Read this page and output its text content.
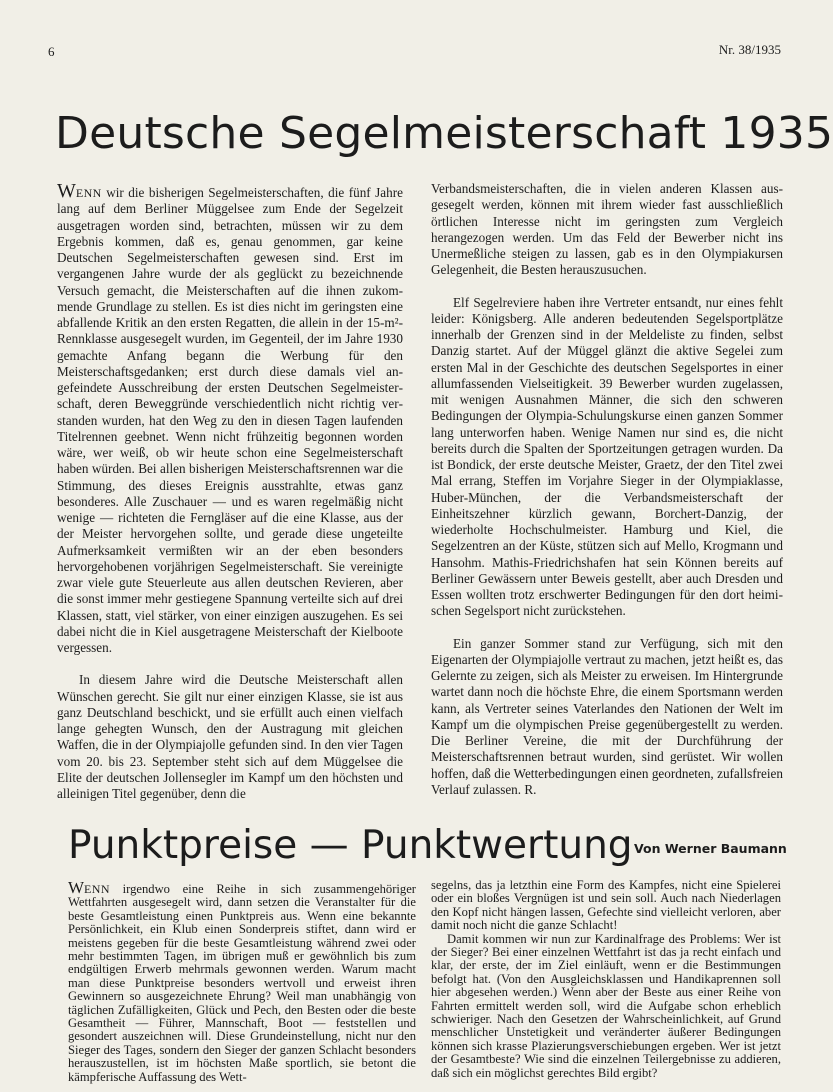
6	Nr. 38/1935
Deutsche Segelmeisterschaft 1935

WENN wir die bisherigen Segelmeisterschaften, die fünf Jahre lang auf dem Berliner Müggelsee zum Ende der Segelzeit ausgetragen worden sind, betrachten, müssen wir zu dem Ergebnis kommen, daß es, genau genommen, gar keine Deutschen Segelmeisterschaften gewesen sind. Erst im vergangenen Jahre wurde der als geglückt zu bezeichnende Versuch gemacht, die Meisterschaften auf die ihnen zukommende Grundlage zu stellen. Es ist dies nicht im geringsten eine abfallende Kritik an den ersten Regatten, die allein in der 15-m²-Rennklasse ausgesegelt wurden, im Gegenteil, der im Jahre 1930 gemachte Anfang begann die Werbung für den Meisterschaftsgedanken; erst durch diese damals viel angefeindete Ausschreibung der ersten Deutschen Segelmeisterschaft, deren Beweggründe verschiedentlich nicht richtig verstanden wurden, hat den Weg zu den in diesen Tagen laufenden Titelrennen geebnet. Wenn nicht frühzeitig begonnen worden wäre, wer weiß, ob wir heute schon eine Segelmeisterschaft haben würden. Bei allen bisherigen Meisterschaftsrennen war die Stimmung, des dieses Ereignis ausstrahlte, etwas ganz besonderes. Alle Zuschauer — und es waren regelmäßig nicht wenige — richteten die Ferngläser auf die eine Klasse, aus der der Meister hervorgehen sollte, und gerade diese ungeteilte Aufmerksamkeit vermißten wir an der eben besonders hervorgehobenen vorjährigen Segelmeisterschaft. Sie vereinigte zwar viele gute Steuerleute aus allen deutschen Revieren, aber die sonst immer mehr gestiegene Spannung verteilte sich auf drei Klassen, statt, viel stärker, von einer einzigen auszugehen. Es sei dabei nicht die in Kiel ausgetragene Meisterschaft der Kielboote vergessen.

In diesem Jahre wird die Deutsche Meisterschaft allen Wünschen gerecht. Sie gilt nur einer einzigen Klasse, sie ist aus ganz Deutschland beschickt, und sie erfüllt auch einen vielfach lange gehegten Wunsch, den der Austragung mit gleichen Waffen, die in der Olympiajolle gefunden sind. In den vier Tagen vom 20. bis 23. September steht sich auf dem Müggelsee die Elite der deutschen Jollensegler im Kampf um den höchsten und alleinigen Titel gegenüber, denn die

Verbandsmeisterschaften, die in vielen anderen Klassen ausgesegelt werden, können mit ihrem wieder fast ausschließlich örtlichen Interesse nicht im geringsten zum Vergleich herangezogen werden. Um das Feld der Bewerber nicht ins Unermeßliche steigen zu lassen, gab es in den Olympiakursen Gelegenheit, die Besten herauszusuchen.

Elf Segelreviere haben ihre Vertreter entsandt, nur eines fehlt leider: Königsberg. Alle anderen bedeutenden Segelsportplätze innerhalb der Grenzen sind in der Meldeliste zu finden, selbst Danzig startet. Auf der Müggel glänzt die aktive Segelei zum ersten Mal in der Geschichte des deutschen Segelsportes in einer allumfassenden Vielseitigkeit. 39 Bewerber wurden zugelassen, mit wenigen Ausnahmen Männer, die sich den schweren Bedingungen der Olympia-Schulungskurse einen ganzen Sommer lang unterworfen haben. Wenige Namen nur sind es, die nicht bereits durch die Spalten der Sportzeitungen getragen wurden. Da ist Bondick, der erste deutsche Meister, Graetz, der den Titel zwei Mal errang, Steffen im Vorjahre Sieger in der Olympiaklasse, Huber-München, der die Verbandsmeisterschaft der Einheitszehner kürzlich gewann, Borchert-Danzig, der wiederholte Hochschulmeister. Hamburg und Kiel, die Segelzentren an der Küste, stützen sich auf Mello, Krogmann und Hansohm. Mathis-Friedrichshafen hat sein Können bereits auf Berliner Gewässern unter Beweis gestellt, aber auch Dresden und Essen wollten trotz erschwerter Bedingungen für den dort heimischen Segelsport nicht zurückstehen.

Ein ganzer Sommer stand zur Verfügung, sich mit den Eigenarten der Olympiajolle vertraut zu machen, jetzt heißt es, das Gelernte zu zeigen, sich als Meister zu erweisen. Im Hintergrunde wartet dann noch die höchste Ehre, die einem Sportsmann werden kann, als Vertreter seines Vaterlandes den Nationen der Welt im Kampf um die olympischen Preise gegenübergestellt zu werden. Die Berliner Vereine, die mit der Durchführung der Meisterschaftsrennen betraut wurden, sind gerüstet. Wir wollen hoffen, daß die Wetterbedingungen einen geordneten, zufallsfreien Verlauf zulassen. R.

Punktpreise — Punktwertung Von Werner Baumann

WENN irgendwo eine Reihe in sich zusammengehöriger Wettfahrten ausgesegelt wird, dann setzen die Veranstalter für die beste Gesamtleistung einen Punktpreis aus. Wenn eine bekannte Persönlichkeit, ein Klub einen Sonderpreis stiftet, dann wird er meistens gegeben für die beste Gesamtleistung während zwei oder mehr bestimmten Tagen, im übrigen muß er gewöhnlich bis zum endgültigen Erwerb mehrmals gewonnen werden. Warum macht man diese Punktpreise besonders wertvoll und erweist ihren Gewinnern so ausgezeichnete Ehrung? Weil man unabhängig von täglichen Zufälligkeiten, Glück und Pech, den Besten oder die beste Gesamtheit — Führer, Mannschaft, Boot — feststellen und gesondert auszeichnen will. Diese Grundeinstellung, nicht nur den Sieger des Tages, sondern den Sieger der ganzen Schlacht besonders herauszustellen, ist im höchsten Maße sportlich, sie betont die kämpferische Auffassung des Wett-

segelns, das ja letzthin eine Form des Kampfes, nicht eine Spielerei oder ein bloßes Vergnügen ist und sein soll. Auch nach Niederlagen den Kopf nicht hängen lassen, Gefechte sind vielleicht verloren, aber damit noch nicht die ganze Schlacht!

Damit kommen wir nun zur Kardinalfrage des Problems: Wer ist der Sieger? Bei einer einzelnen Wettfahrt ist das ja recht einfach und klar, der erste, der im Ziel einläuft, wenn er die Bestimmungen befolgt hat. (Von den Ausgleichsklassen und Handikaprennen soll hier abgesehen werden.) Wenn aber der Beste aus einer Reihe von Fahrten ermittelt werden soll, wird die Aufgabe schon erheblich schwieriger. Nach den Gesetzen der Wahrscheinlichkeit, auf Grund menschlicher Unstetigkeit und veränderter äußerer Bedingungen können sich krasse Plazierungsverschiebungen ergeben. Wer ist jetzt der Gesamtbeste? Wie sind die einzelnen Teilergebnisse zu addieren, daß sich ein möglichst gerechtes Bild ergibt?
